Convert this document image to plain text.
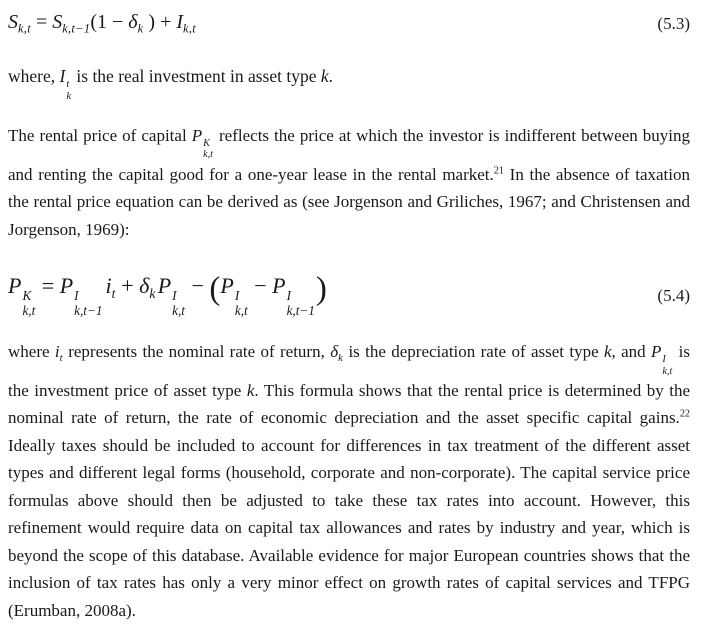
$S_{k,t} = S_{k,t-1}(1 - \delta_k$ ) + $I_{k,t}$	(5.3)

where, I t
k
is the real investment in asset type k.

The rental price of capital P K
k,t
reflects the price at which the investor is indifferent between buying and renting the capital good for a one-year lease in the rental market.$^{21}$ In the absence of taxation the rental price equation can be derived as (see Jorgenson and Griliches, 1967; and Christensen and Jorgenson, 1969):

P K
k,t
= P I
k,t−1
$i_t + \delta_kP$ I
k,t
− (P I
k,t
− P I
k,t−1
)	(5.4)

where $i_t$ represents the nominal rate of return, $\delta_k$ is the depreciation rate of asset type k, and P I
k,t
is the investment price of asset type k. This formula shows that the rental price is determined by the nominal rate of return, the rate of economic depreciation and the asset specific capital gains.$^{22}$ Ideally taxes should be included to account for differences in tax treatment of the different asset types and different legal forms (household, corporate and non-corporate). The capital service price formulas above should then be adjusted to take these tax rates into account. However, this refinement would require data on capital tax allowances and rates by industry and year, which is beyond the scope of this database. Available evidence for major European countries shows that the inclusion of tax rates has only a very minor effect on growth rates of capital services and TFPG (Erumban, 2008a).
